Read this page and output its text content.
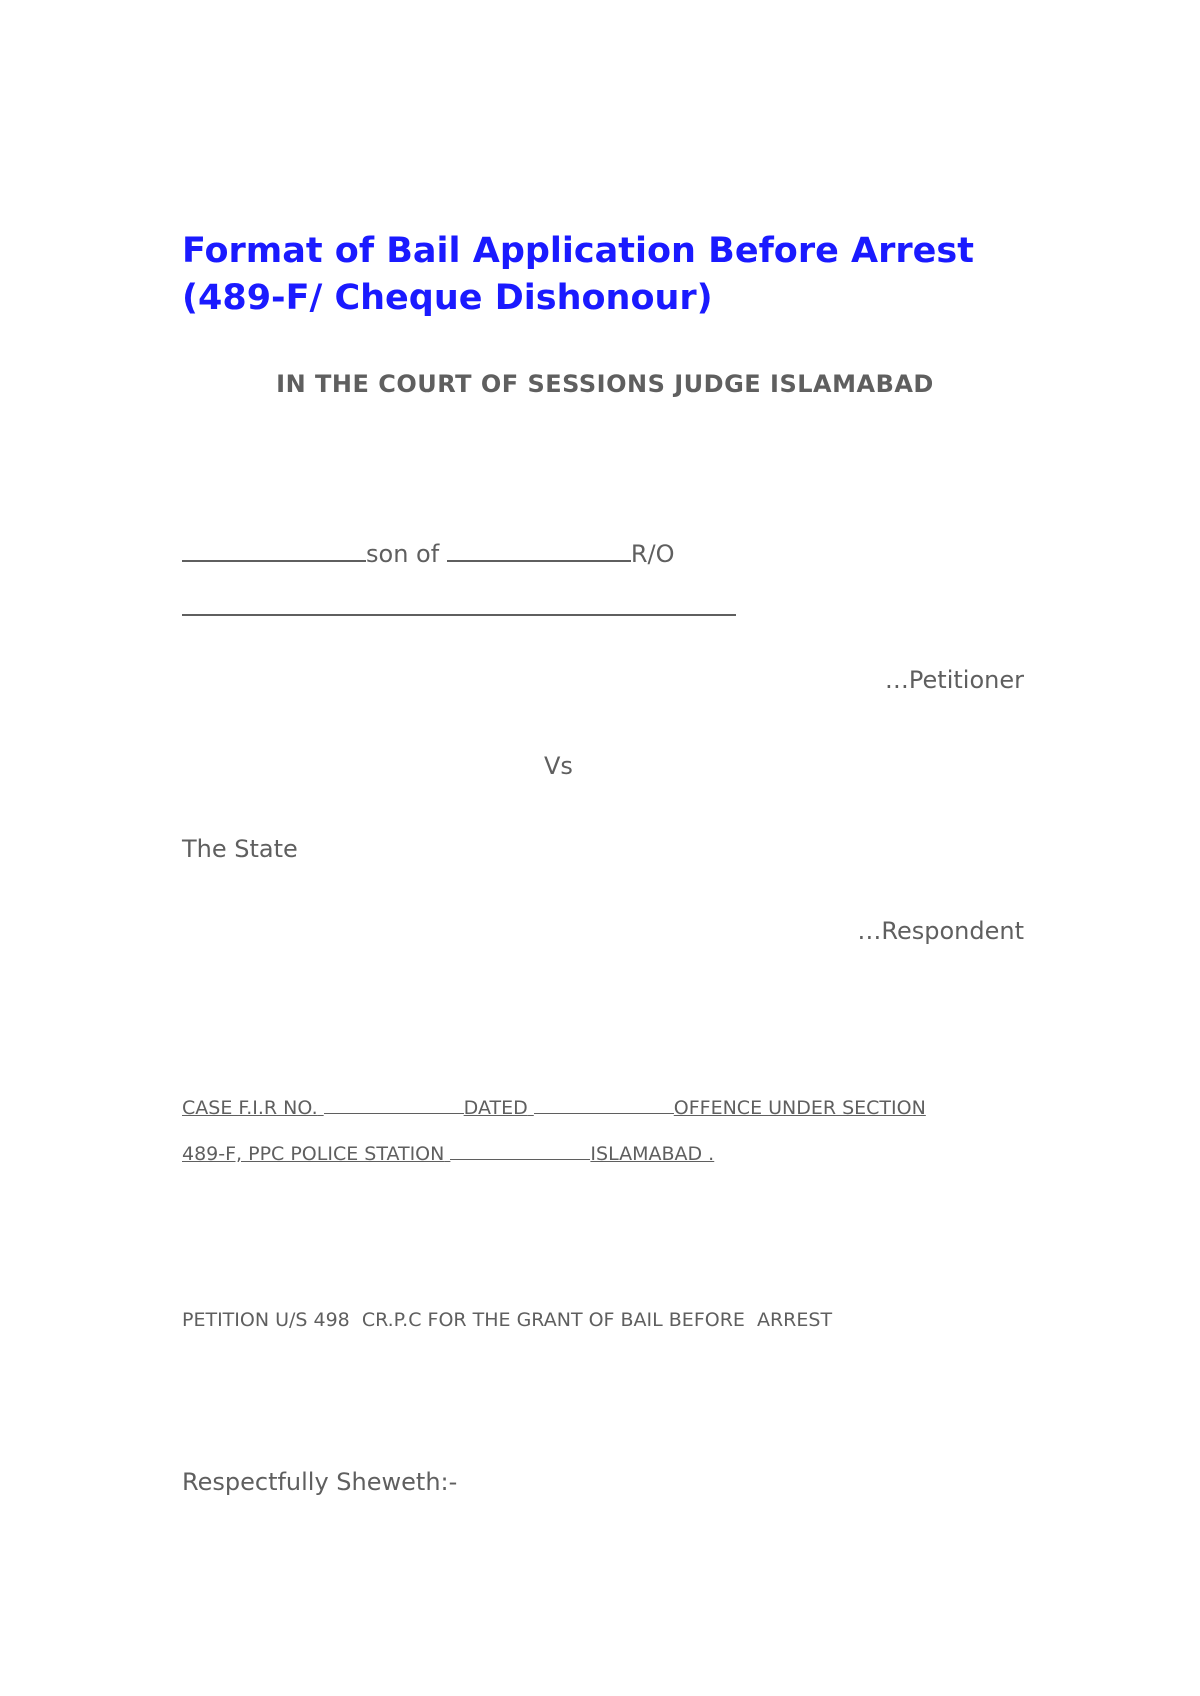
Format of Bail Application Before Arrest (489-F/ Cheque Dishonour)
IN THE COURT OF SESSIONS JUDGE ISLAMABAD
son of	R/O
…Petitioner
Vs
The State
…Respondent
CASE F.I.R NO.	DATED	OFFENCE UNDER SECTION
489-F, PPC POLICE STATION	ISLAMABAD .
PETITION U/S 498  CR.P.C FOR THE GRANT OF BAIL BEFORE  ARREST
Respectfully Sheweth:-
